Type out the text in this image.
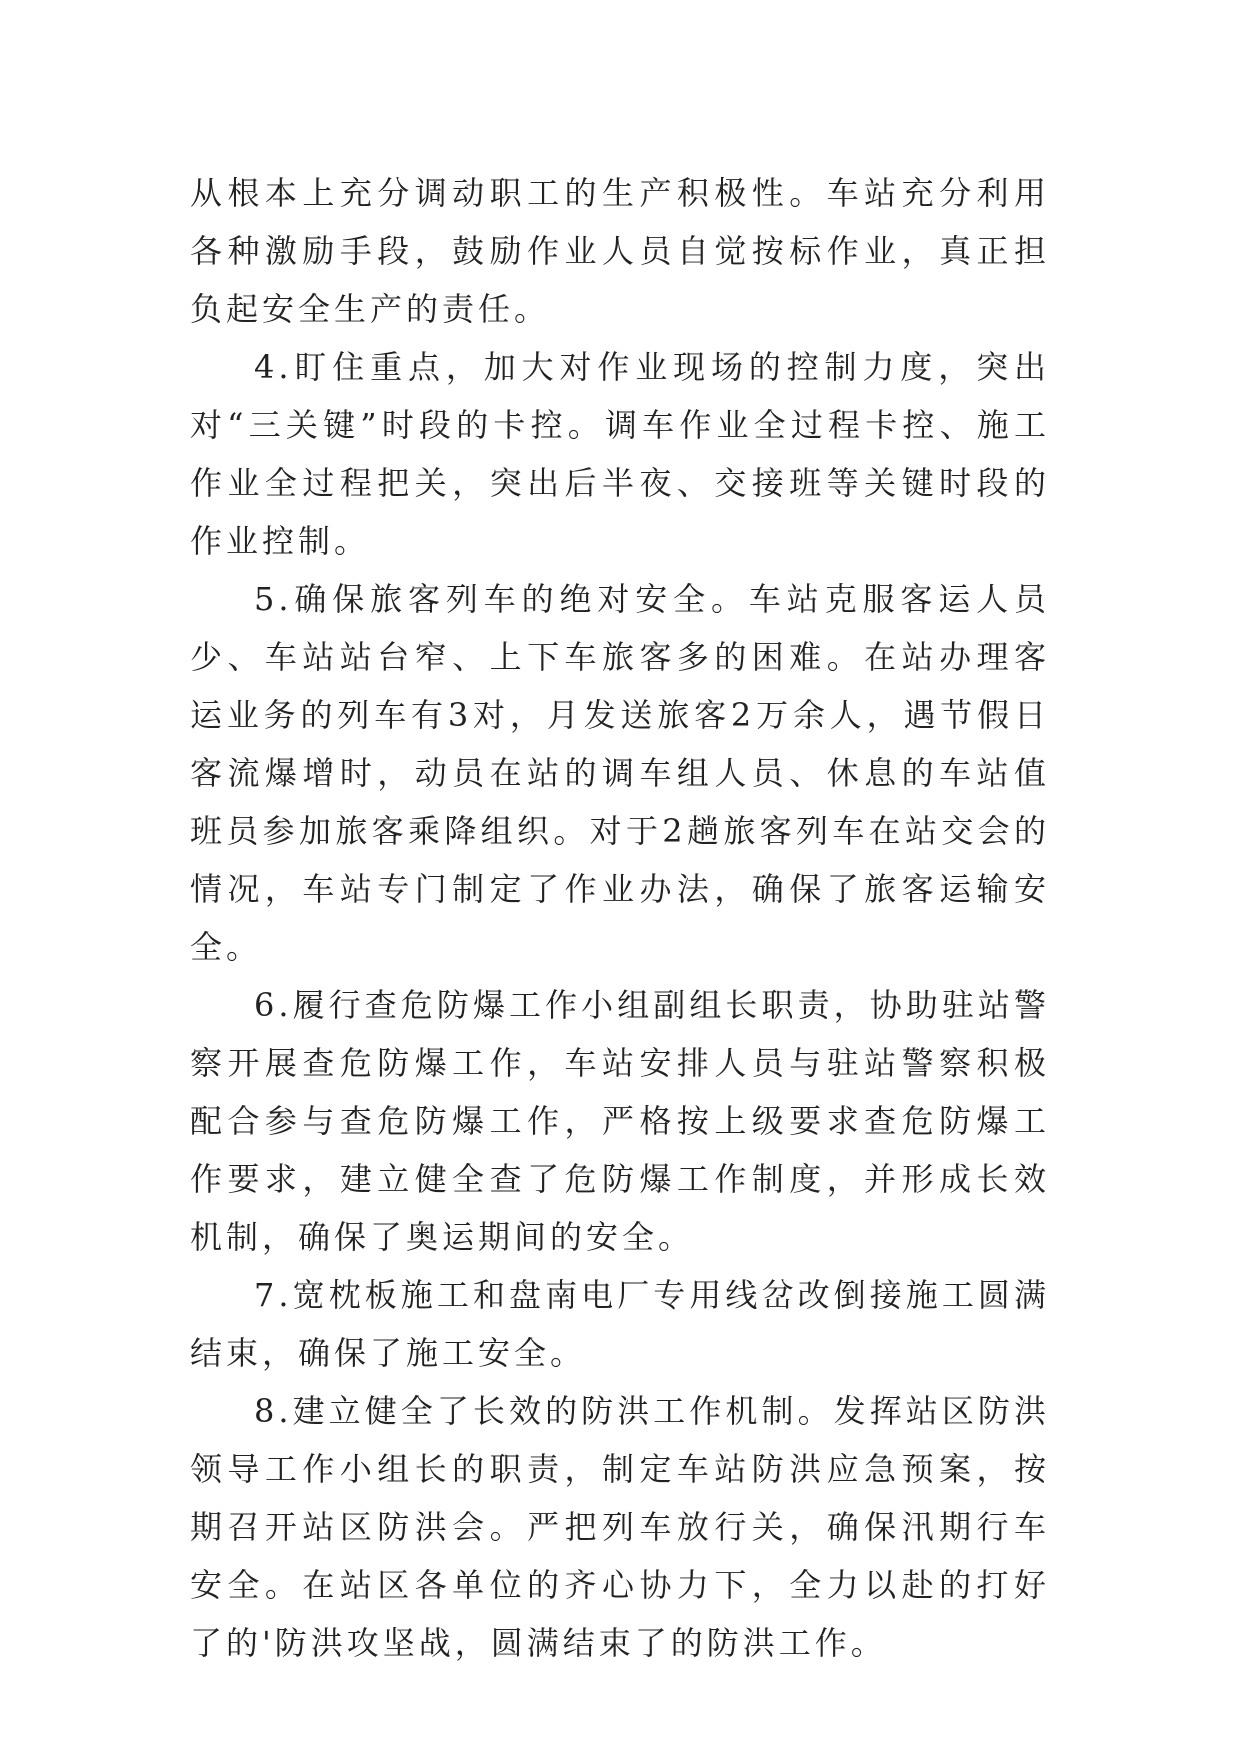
从根本上充分调动职工的生产积极性。车站充分利用各种激励手段，鼓励作业人员自觉按标作业，真正担负起安全生产的责任。

4.盯住重点，加大对作业现场的控制力度，突出对“三关键”时段的卡控。调车作业全过程卡控、施工作业全过程把关，突出后半夜、交接班等关键时段的作业控制。

5.确保旅客列车的绝对安全。车站克服客运人员少、车站站台窄、上下车旅客多的困难。在站办理客运业务的列车有3对，月发送旅客2万余人，遇节假日客流爆增时，动员在站的调车组人员、休息的车站值班员参加旅客乘降组织。对于2趟旅客列车在站交会的情况，车站专门制定了作业办法，确保了旅客运输安全。

6.履行查危防爆工作小组副组长职责，协助驻站警察开展查危防爆工作，车站安排人员与驻站警察积极配合参与查危防爆工作，严格按上级要求查危防爆工作要求，建立健全查了危防爆工作制度，并形成长效机制，确保了奥运期间的安全。

7.宽枕板施工和盘南电厂专用线岔改倒接施工圆满结束，确保了施工安全。

8.建立健全了长效的防洪工作机制。发挥站区防洪领导工作小组长的职责，制定车站防洪应急预案，按期召开站区防洪会。严把列车放行关，确保汛期行车安全。在站区各单位的齐心协力下，全力以赴的打好了的'防洪攻坚战，圆满结束了的防洪工作。
